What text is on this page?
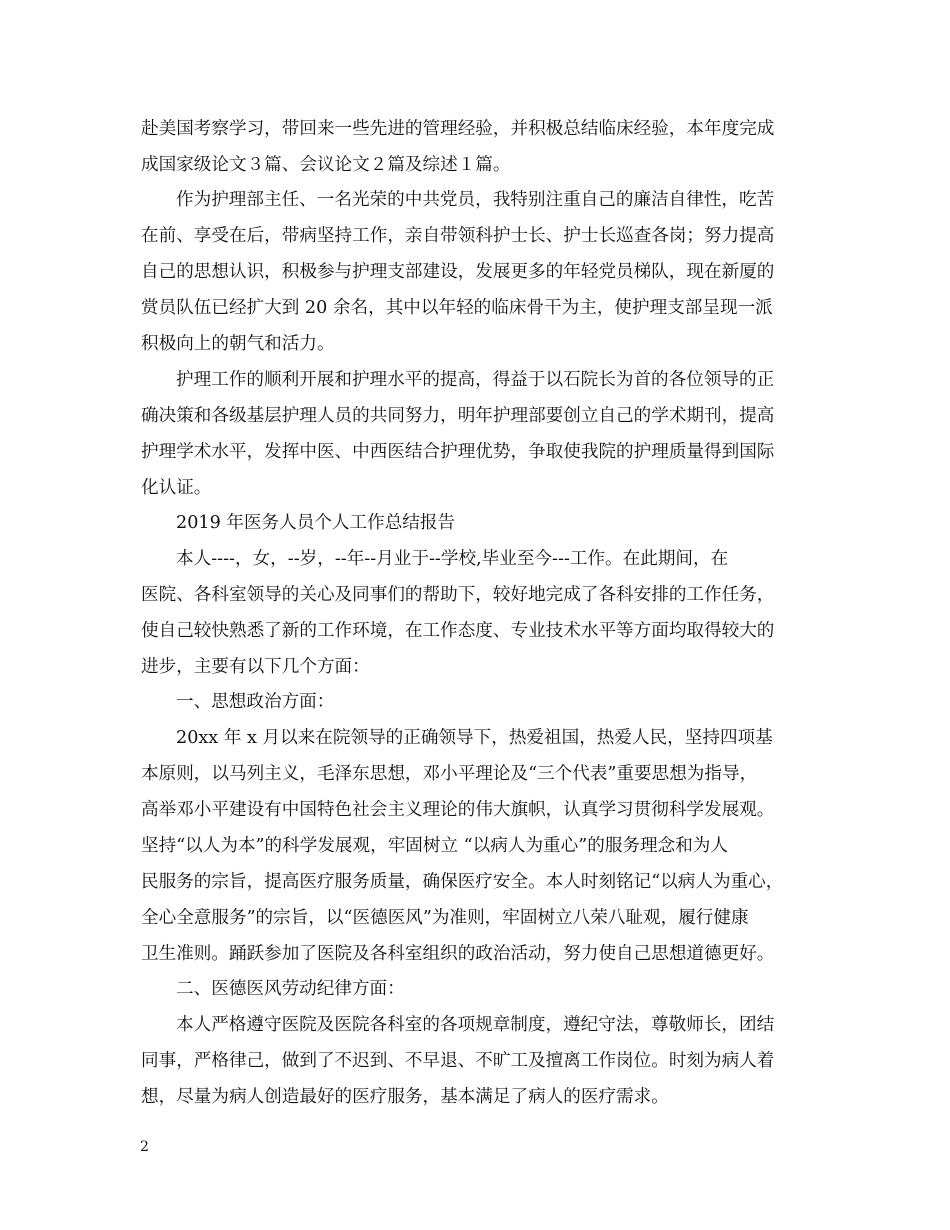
赴美国考察学习，带回来一些先进的管理经验，并积极总结临床经验，本年度完成
成国家级论文３篇、会议论文２篇及综述１篇。
作为护理部主任、一名光荣的中共党员，我特别注重自己的廉洁自律性，吃苦
在前、享受在后，带病坚持工作，亲自带领科护士长、护士长巡查各岗；努力提高
自己的思想认识，积极参与护理支部建设，发展更多的年轻党员梯队，现在新厦的
赏员队伍已经扩大到 20 余名，其中以年轻的临床骨干为主，使护理支部呈现一派
积极向上的朝气和活力。
护理工作的顺利开展和护理水平的提高，得益于以石院长为首的各位领导的正
确决策和各级基层护理人员的共同努力，明年护理部要创立自己的学术期刊，提高
护理学术水平，发挥中医、中西医结合护理优势，争取使我院的护理质量得到国际
化认证。
2019 年医务人员个人工作总结报告
本人----，女，--岁，--年--月业于--学校,毕业至今---工作。在此期间，在
医院、各科室领导的关心及同事们的帮助下，较好地完成了各科安排的工作任务，
使自己较快熟悉了新的工作环境，在工作态度、专业技术水平等方面均取得较大的
进步，主要有以下几个方面：
一、思想政治方面：
20xx 年 x 月以来在院领导的正确领导下，热爱祖国，热爱人民，坚持四项基
本原则，以马列主义，毛泽东思想，邓小平理论及“三个代表”重要思想为指导，
高举邓小平建设有中国特色社会主义理论的伟大旗帜，认真学习贯彻科学发展观。
坚持“以人为本”的科学发展观，牢固树立 “以病人为重心”的服务理念和为人
民服务的宗旨，提高医疗服务质量，确保医疗安全。本人时刻铭记“以病人为重心，
全心全意服务”的宗旨，以“医德医风”为准则，牢固树立八荣八耻观，履行健康
卫生准则。踊跃参加了医院及各科室组织的政治活动，努力使自己思想道德更好。
二、医德医风劳动纪律方面：
本人严格遵守医院及医院各科室的各项规章制度，遵纪守法，尊敬师长，团结
同事，严格律己，做到了不迟到、不早退、不旷工及擅离工作岗位。时刻为病人着
想，尽量为病人创造最好的医疗服务，基本满足了病人的医疗需求。
2
